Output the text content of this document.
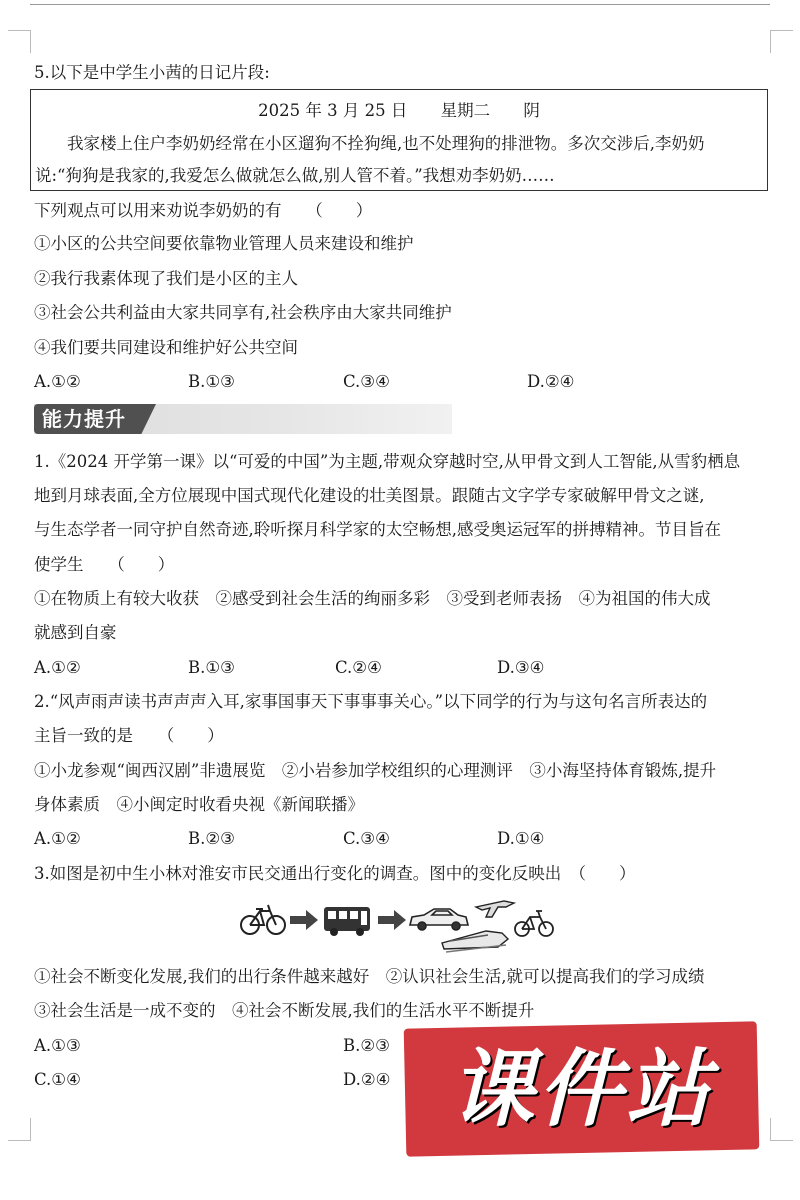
5.以下是中学生小茜的日记片段:
2025 年 3 月 25 日 星期二 阴
我家楼上住户李奶奶经常在小区遛狗不拴狗绳,也不处理狗的排泄物。多次交涉后,李奶奶
说:“狗狗是我家的,我爱怎么做就怎么做,别人管不着。”我想劝李奶奶……
下列观点可以用来劝说李奶奶的有　　（　　）
①小区的公共空间要依靠物业管理人员来建设和维护
②我行我素体现了我们是小区的主人
③社会公共利益由大家共同享有,社会秩序由大家共同维护
④我们要共同建设和维护好公共空间
A.①②	B.①③	C.③④	D.②④
能力提升
1.《2024 开学第一课》以“可爱的中国”为主题,带观众穿越时空,从甲骨文到人工智能,从雪豹栖息
地到月球表面,全方位展现中国式现代化建设的壮美图景。跟随古文字学专家破解甲骨文之谜,
与生态学者一同守护自然奇迹,聆听探月科学家的太空畅想,感受奥运冠军的拼搏精神。节目旨在
使学生　　（　　）
①在物质上有较大收获　②感受到社会生活的绚丽多彩　③受到老师表扬　④为祖国的伟大成
就感到自豪
A.①②	B.①③	C.②④	D.③④
2.“风声雨声读书声声声入耳,家事国事天下事事事关心。”以下同学的行为与这句名言所表达的
主旨一致的是　　（　　）
①小龙参观“闽西汉剧”非遗展览　②小岩参加学校组织的心理测评　③小海坚持体育锻炼,提升
身体素质　④小闽定时收看央视《新闻联播》
A.①②	B.②③	C.③④	D.①④
3.如图是初中生小林对淮安市民交通出行变化的调查。图中的变化反映出　（　　）
①社会不断变化发展,我们的出行条件越来越好　②认识社会生活,就可以提高我们的学习成绩
③社会生活是一成不变的　④社会不断发展,我们的生活水平不断提升
A.①③	B.②③
C.①④	D.②④ 课件站
